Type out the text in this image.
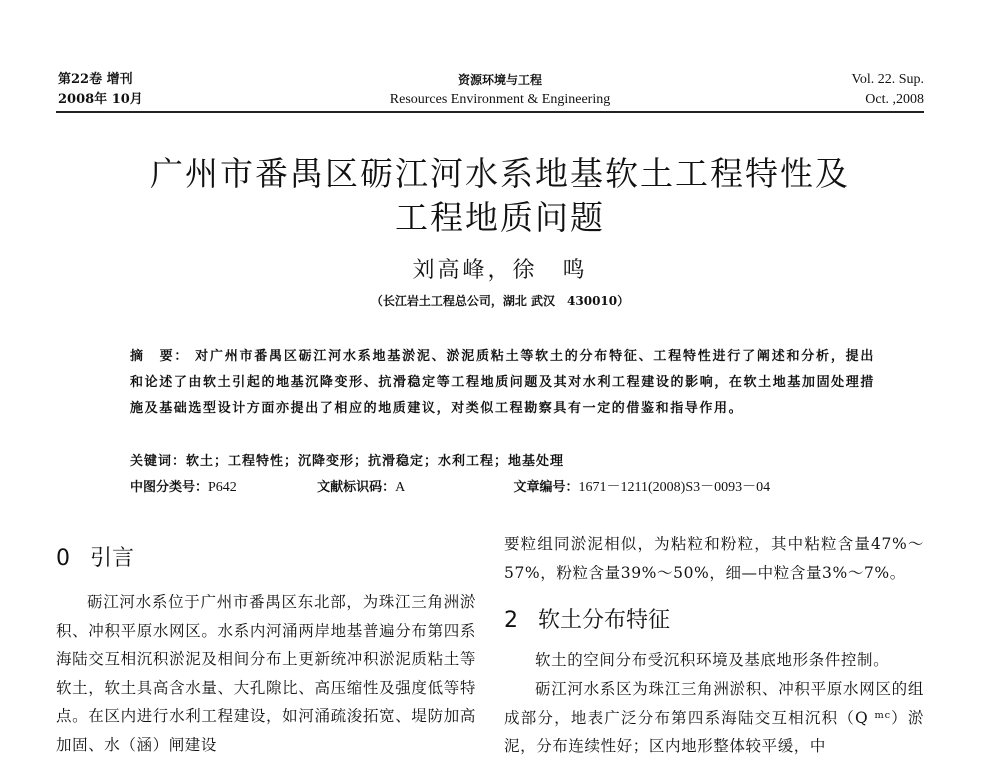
第22卷 增刊
2008年 10月
资源环境与工程
Resources Environment & Engineering
Vol. 22. Sup.
Oct. ,2008
广州市番禺区砺江河水系地基软土工程特性及
工程地质问题
刘高峰，徐　鸣
（长江岩土工程总公司，湖北 武汉　430010）
摘　要： 对广州市番禺区砺江河水系地基淤泥、淤泥质粘土等软土的分布特征、工程特性进行了阐述和分析，提出和论述了由软土引起的地基沉降变形、抗滑稳定等工程地质问题及其对水利工程建设的影响，在软土地基加固处理措施及基础选型设计方面亦提出了相应的地质建议，对类似工程勘察具有一定的借鉴和指导作用。
关键词：软土；工程特性；沉降变形；抗滑稳定；水利工程；地基处理
中图分类号：P642	文献标识码：A	文章编号：1671－1211(2008)S3－0093－04
0 引言
砺江河水系位于广州市番禺区东北部，为珠江三角洲淤积、冲积平原水网区。水系内河涌两岸地基普遍分布第四系海陆交互相沉积淤泥及相间分布上更新统冲积淤泥质粘土等软土，软土具高含水量、大孔隙比、高压缩性及强度低等特点。在区内进行水利工程建设，如河涌疏浚拓宽、堤防加高加固、水（涵）闸建设
要粒组同淤泥相似，为粘粒和粉粒，其中粘粒含量47%～57%，粉粒含量39%～50%，细—中粒含量3%～7%。
2 软土分布特征
软土的空间分布受沉积环境及基底地形条件控制。
砺江河水系区为珠江三角洲淤积、冲积平原水网区的组成部分，地表广泛分布第四系海陆交互相沉积（Q ᵐᶜ）淤泥，分布连续性好；区内地形整体较平缓，中
